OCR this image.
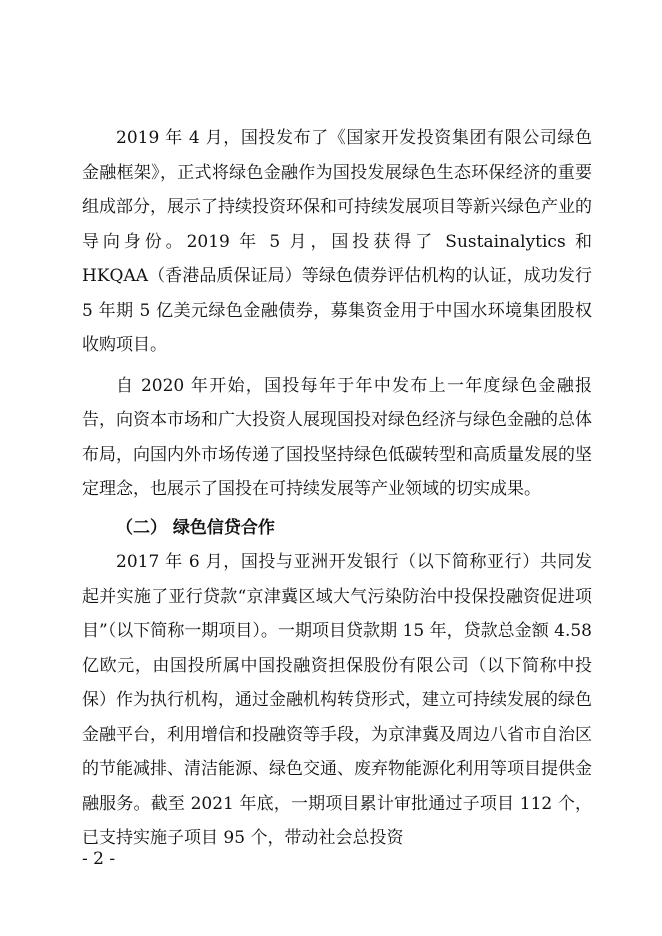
2019 年 4 月，国投发布了《国家开发投资集团有限公司绿色金融框架》，正式将绿色金融作为国投发展绿色生态环保经济的重要组成部分，展示了持续投资环保和可持续发展项目等新兴绿色产业的导向身份。2019 年 5 月，国投获得了 Sustainalytics 和 HKQAA（香港品质保证局）等绿色债券评估机构的认证，成功发行 5 年期 5 亿美元绿色金融债券，募集资金用于中国水环境集团股权收购项目。

自 2020 年开始，国投每年于年中发布上一年度绿色金融报告，向资本市场和广大投资人展现国投对绿色经济与绿色金融的总体布局，向国内外市场传递了国投坚持绿色低碳转型和高质量发展的坚定理念，也展示了国投在可持续发展等产业领域的切实成果。

（二） 绿色信贷合作

2017 年 6 月，国投与亚洲开发银行（以下简称亚行）共同发起并实施了亚行贷款“京津冀区域大气污染防治中投保投融资促进项目”（以下简称一期项目）。一期项目贷款期 15 年，贷款总金额 4.58 亿欧元，由国投所属中国投融资担保股份有限公司（以下简称中投保）作为执行机构，通过金融机构转贷形式，建立可持续发展的绿色金融平台，利用增信和投融资等手段，为京津冀及周边八省市自治区的节能减排、清洁能源、绿色交通、废弃物能源化利用等项目提供金融服务。截至 2021 年底，一期项目累计审批通过子项目 112 个，已支持实施子项目 95 个，带动社会总投资

- 2 -
